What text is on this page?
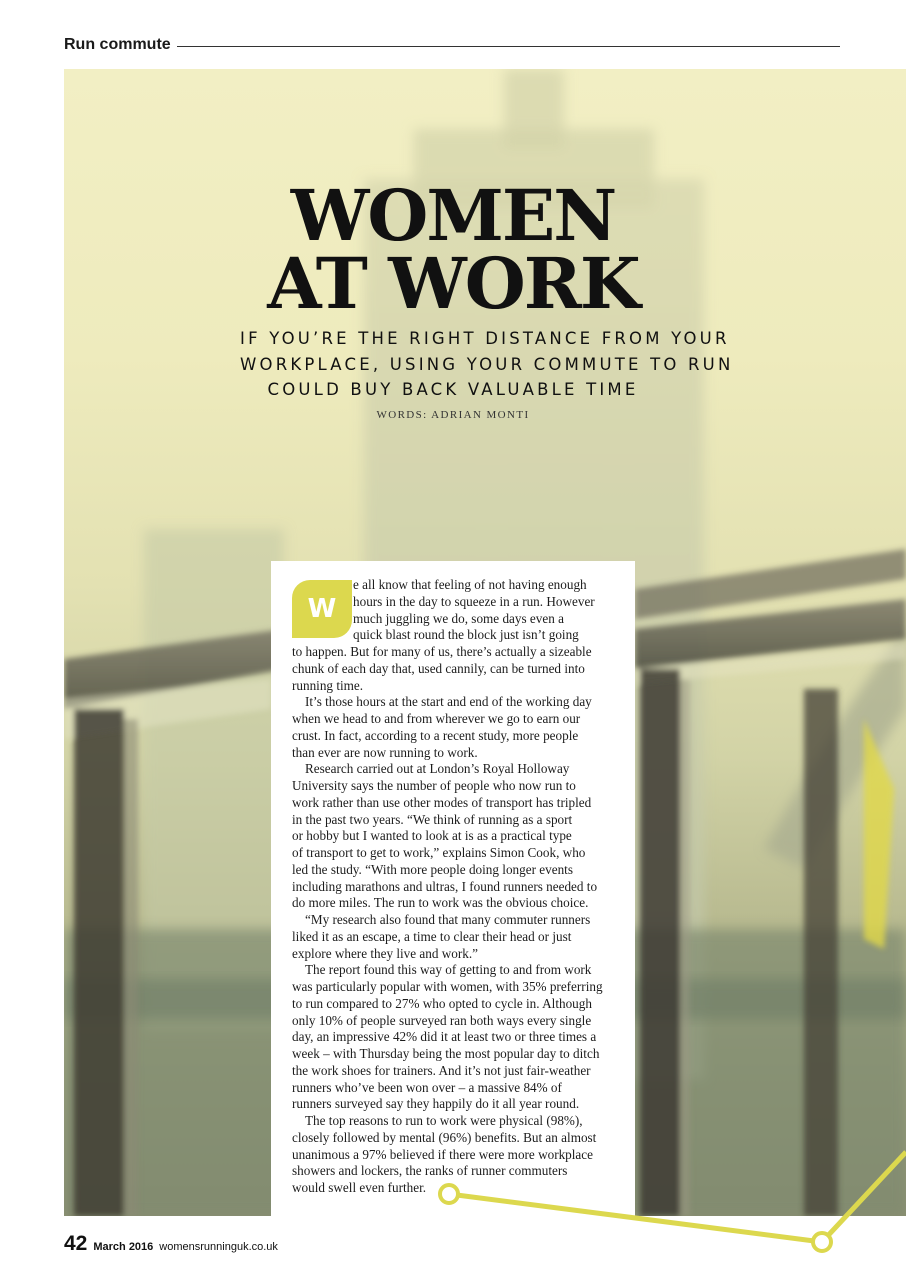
Run commute
WOMEN
AT WORK
IF YOU’RE THE RIGHT DISTANCE FROM YOUR
WORKPLACE, USING YOUR COMMUTE TO RUN
COULD BUY BACK VALUABLE TIME
WORDS: ADRIAN MONTI
W
e all know that feeling of not having enough
hours in the day to squeeze in a run. However
much juggling we do, some days even a
quick blast round the block just isn’t going
to happen. But for many of us, there’s actually a sizeable
chunk of each day that, used cannily, can be turned into
running time.
It’s those hours at the start and end of the working day
when we head to and from wherever we go to earn our
crust. In fact, according to a recent study, more people
than ever are now running to work.
Research carried out at London’s Royal Holloway
University says the number of people who now run to
work rather than use other modes of transport has tripled
in the past two years. “We think of running as a sport
or hobby but I wanted to look at is as a practical type
of transport to get to work,” explains Simon Cook, who
led the study. “With more people doing longer events
including marathons and ultras, I found runners needed to
do more miles. The run to work was the obvious choice.
“My research also found that many commuter runners
liked it as an escape, a time to clear their head or just
explore where they live and work.”
The report found this way of getting to and from work
was particularly popular with women, with 35% preferring
to run compared to 27% who opted to cycle in. Although
only 10% of people surveyed ran both ways every single
day, an impressive 42% did it at least two or three times a
week – with Thursday being the most popular day to ditch
the work shoes for trainers. And it’s not just fair-weather
runners who’ve been won over – a massive 84% of
runners surveyed say they happily do it all year round.
The top reasons to run to work were physical (98%),
closely followed by mental (96%) benefits. But an almost
unanimous a 97% believed if there were more workplace
showers and lockers, the ranks of runner commuters
would swell even further.
42 March 2016 womensrunninguk.co.uk
